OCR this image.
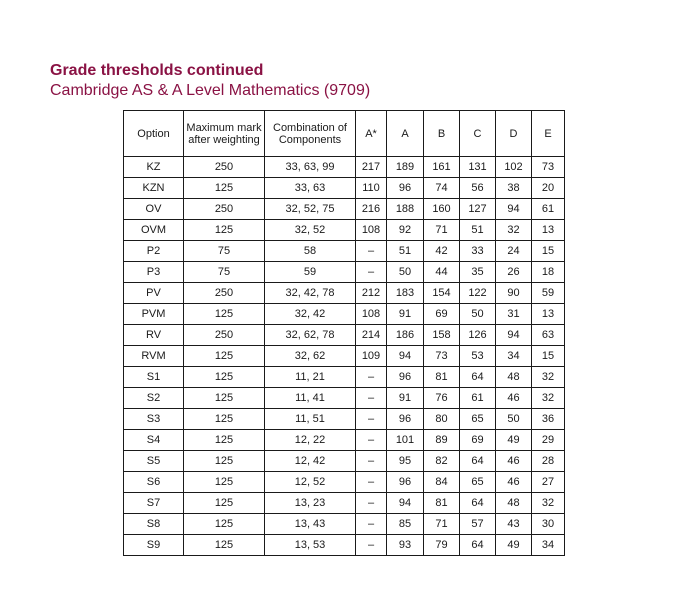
Grade thresholds continued
Cambridge AS & A Level Mathematics (9709)
Option	Maximum mark after weighting	Combination of Components	A*	A	B	C	D	E
KZ	250	33, 63, 99	217	189	161	131	102	73
KZN	125	33, 63	110	96	74	56	38	20
OV	250	32, 52, 75	216	188	160	127	94	61
OVM	125	32, 52	108	92	71	51	32	13
P2	75	58	–	51	42	33	24	15
P3	75	59	–	50	44	35	26	18
PV	250	32, 42, 78	212	183	154	122	90	59
PVM	125	32, 42	108	91	69	50	31	13
RV	250	32, 62, 78	214	186	158	126	94	63
RVM	125	32, 62	109	94	73	53	34	15
S1	125	11, 21	–	96	81	64	48	32
S2	125	11, 41	–	91	76	61	46	32
S3	125	11, 51	–	96	80	65	50	36
S4	125	12, 22	–	101	89	69	49	29
S5	125	12, 42	–	95	82	64	46	28
S6	125	12, 52	–	96	84	65	46	27
S7	125	13, 23	–	94	81	64	48	32
S8	125	13, 43	–	85	71	57	43	30
S9	125	13, 53	–	93	79	64	49	34
